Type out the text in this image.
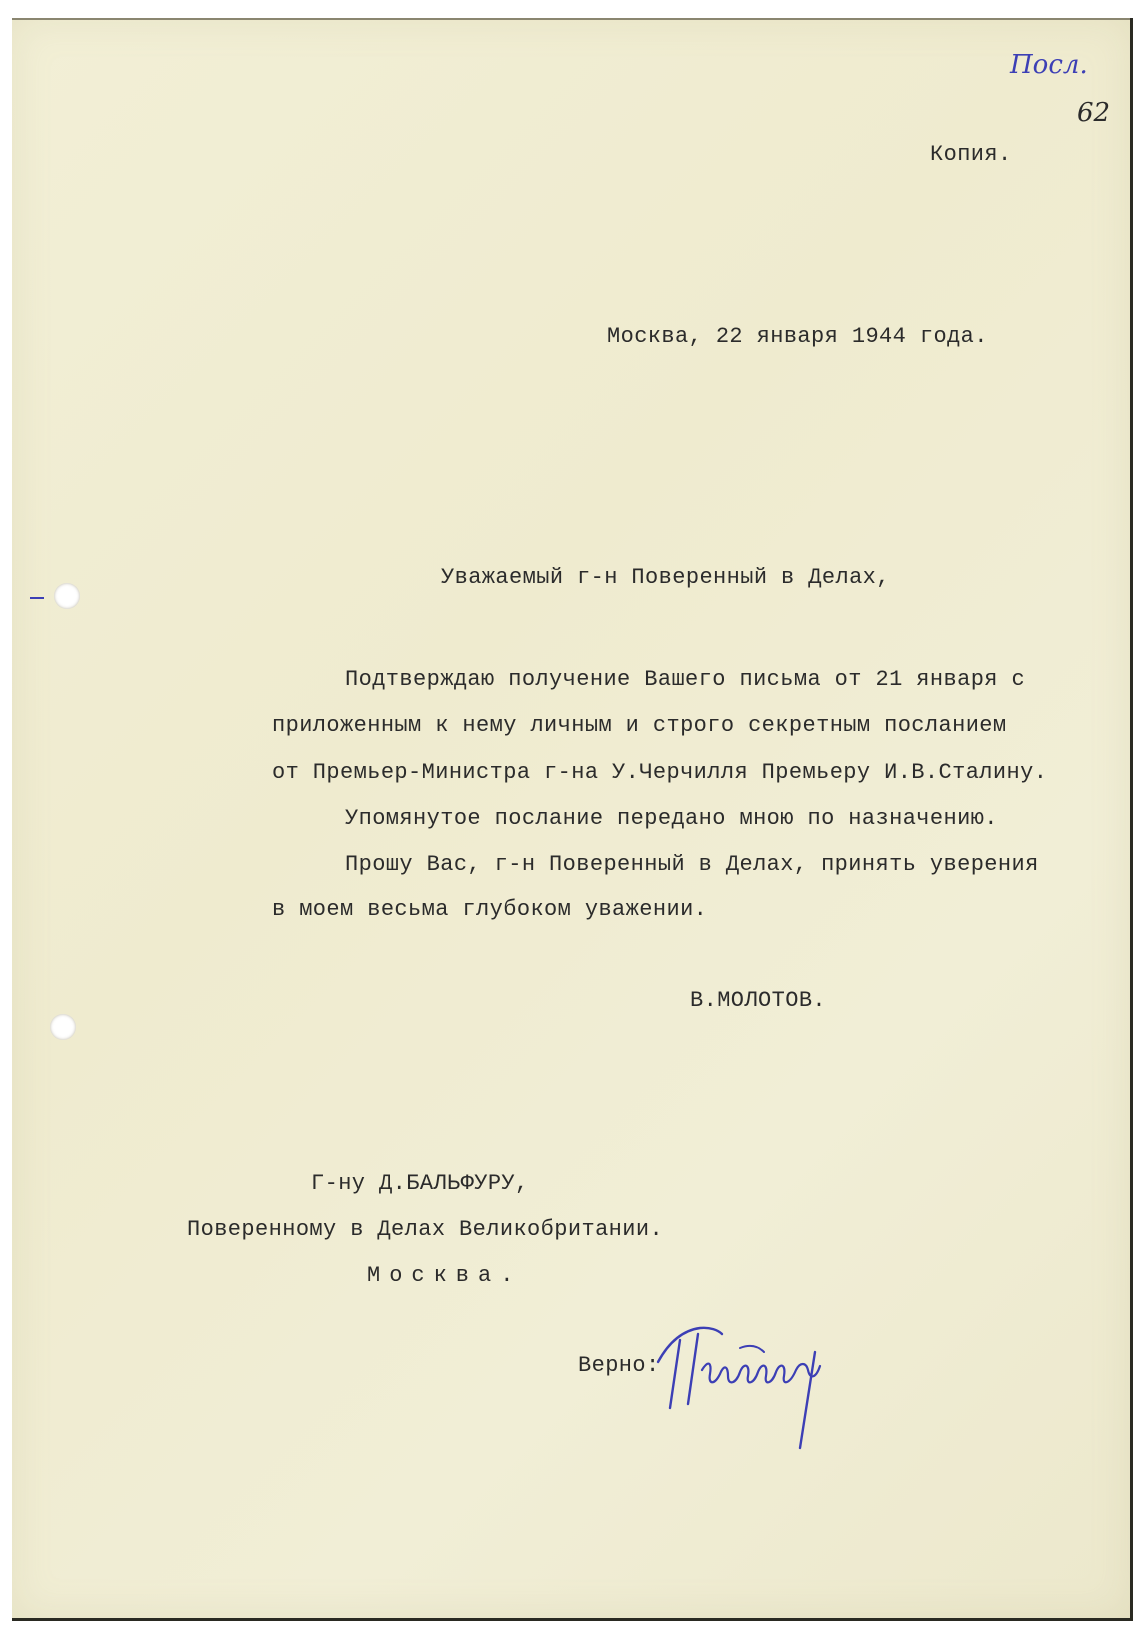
Посл.
62
Копия.
Москва, 22 января 1944 года.
Уважаемый г-н Поверенный в Делах,
Подтверждаю получение Вашего письма от 21 января с
приложенным к нему личным и строго секретным посланием
от Премьер-Министра г-на У.Черчилля Премьеру И.В.Сталину.
Упомянутое послание передано мною по назначению.
Прошу Вас, г-н Поверенный в Делах, принять уверения
в моем весьма глубоком уважении.
В.МОЛОТОВ.
Г-ну Д.БАЛЬФУРУ,
Поверенному в Делах Великобритании.
Москва.
Верно:
